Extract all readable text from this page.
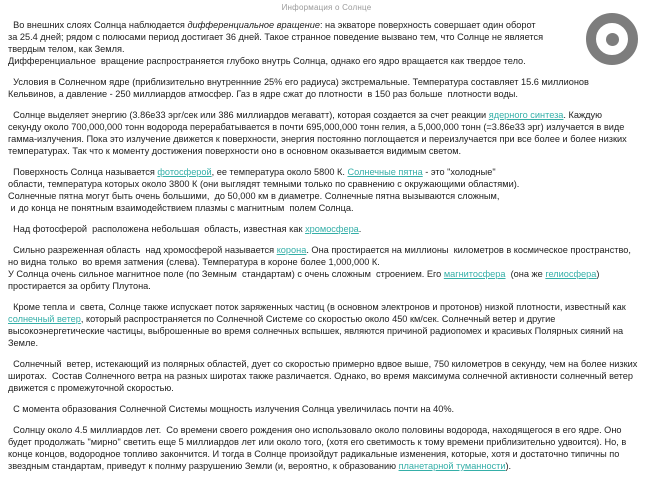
Информация о Солнце
Во внешних слоях Солнца наблюдается дифференциальное вращение: на экваторе поверхность совершает один оборот
за 25.4 дней; рядом с полюсами период достигает 36 дней. Такое странное поведение вызвано тем, что Солнце не является
твердым телом, как Земля.
Дифференциальное  вращение распространяется глубоко внутрь Солнца, однако его ядро вращается как твердое тело.
Условия в Солнечном ядре (приблизительно внутреннние 25% его радиуса) экстремальные. Температура составляет 15.6 миллионов
Кельвинов, а давление - 250 миллиардов атмосфер. Газ в ядре сжат до плотности  в 150 раз больше  плотности воды.
Солнце выделяет энергию (3.86e33 эрг/сек или 386 миллиардов мегаватт), которая создается за счет реакции ядерного синтеза. Каждую
секунду около 700,000,000 тонн водорода перерабатывается в почти 695,000,000 тонн гелия, а 5,000,000 тонн (=3.86e33 эрг) излучается в виде
гамма-излучения. Пока это излучение движется к поверхности, энергия постоянно поглощается и переизлучается при все более и более низких
температурах. Так что к моменту достижения поверхности оно в основном оказывается видимым светом.
Поверхность Солнца называется фотосферой, ее температура около 5800 К. Солнечные пятна - это "холодные"
области, температура которых около 3800 К (они выглядят темными только по сравнению с окружающими областями).
Солнечные пятна могут быть очень большими,  до 50,000 км в диаметре. Солнечные пятна вызываются сложным,
и до конца не понятным взаимодействием плазмы с магнитным  полем Солнца.
Над фотосферой  расположена небольшая  область, известная как хромосфера.
Сильно разреженная область  над хромосферой называется корона. Она простирается на миллионы  километров в космическое пространство,
но видна только  во время затмения (слева). Температура в короне более 1,000,000 К.
У Солнца очень сильное магнитное поле (по Земным  стандартам) с очень сложным  строением. Его магнитосфера  (она же гелиосфера)
простирается за орбиту Плутона.
Кроме тепла и  света, Солнце также испускает поток заряженных частиц (в основном электронов и протонов) низкой плотности, известный как
солнечный ветер, который распространяется по Солнечной Системе со скоростью около 450 км/сек. Солнечный ветер и другие
высокоэнергетические частицы, выброшенные во время солнечных вспышек, являются причиной радиопомех и красивых Полярных сияний на
Земле.
Солнечный  ветер, истекающий из полярных областей, дует со скоростью примерно вдвое выше, 750 километров в секунду, чем на более низких
широтах.  Состав Солнечного ветра на разных широтах также различается. Однако, во время максимума солнечной активности солнечный ветер
движется с промежуточной скоростью.
С момента образования Солнечной Системы мощность излучения Солнца увеличилась почти на 40%.
Солнцу около 4.5 миллиардов лет.  Со времени своего рождения оно использовало около половины водорода, находящегося в его ядре. Оно
будет продолжать "мирно" светить еще 5 миллиардов лет или около того, (хотя его светимость к тому времени приблизительно удвоится). Но, в
конце концов, водородное топливо закончится. И тогда в Солнце произойдут радикальные изменения, которые, хотя и достаточно типичны по
звездным стандартам, приведут к полнму разрушению Земли (и, вероятно, к образованию планетарной туманности).
